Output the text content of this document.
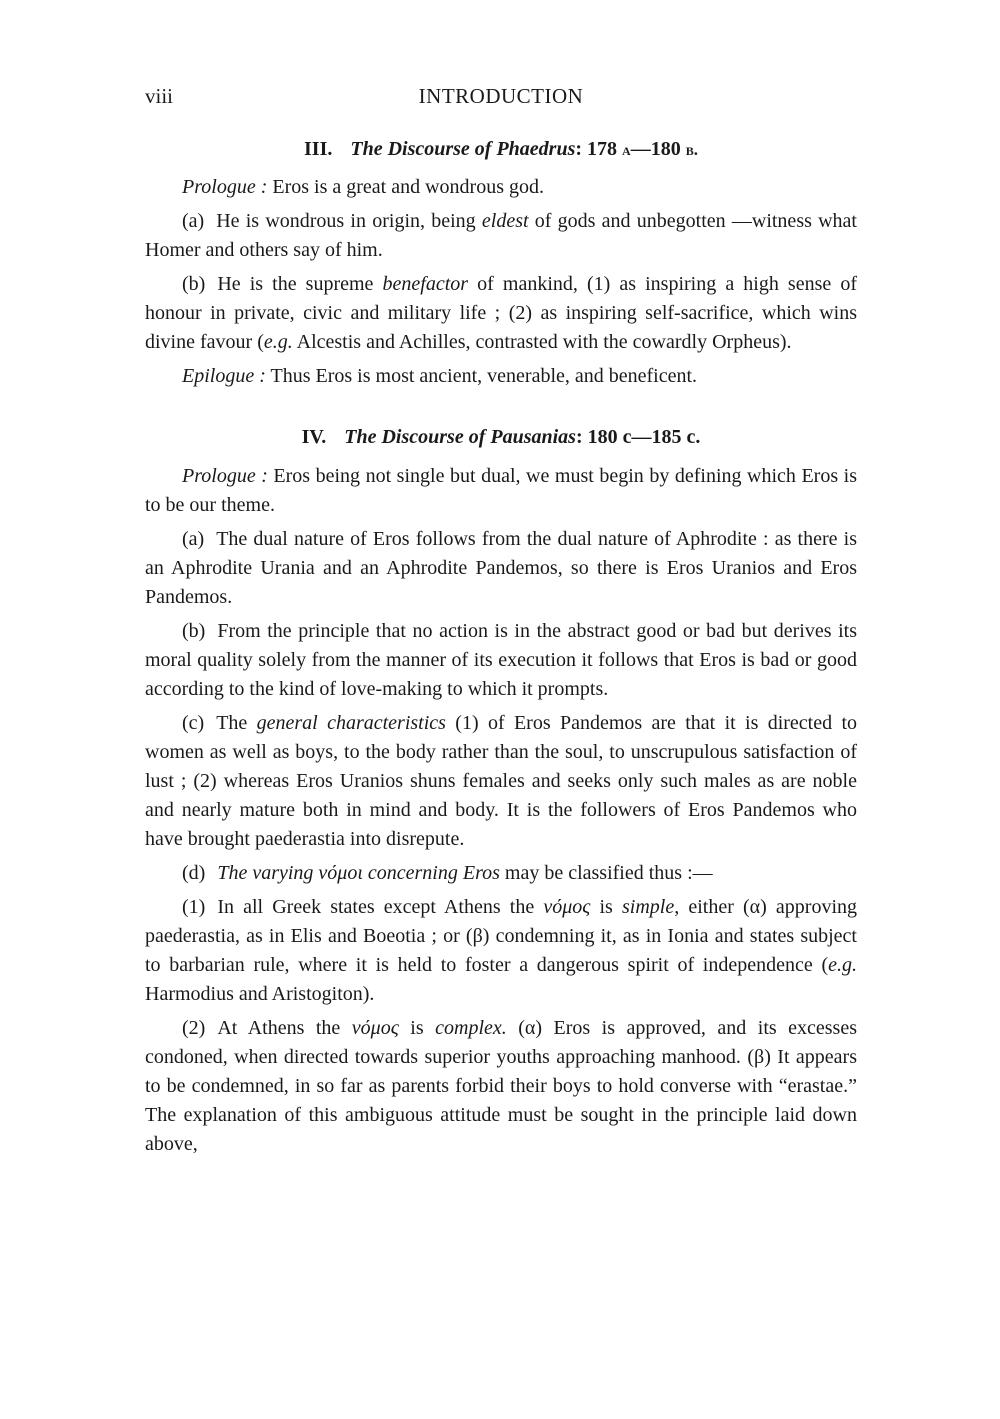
viii	INTRODUCTION
III. The Discourse of Phaedrus: 178 a—180 b.

Prologue : Eros is a great and wondrous god.

(a) He is wondrous in origin, being eldest of gods and unbegotten —witness what Homer and others say of him.

(b) He is the supreme benefactor of mankind, (1) as inspiring a high sense of honour in private, civic and military life ; (2) as inspiring self-sacrifice, which wins divine favour (e.g. Alcestis and Achilles, contrasted with the cowardly Orpheus).

Epilogue : Thus Eros is most ancient, venerable, and beneficent.

IV. The Discourse of Pausanias: 180 c—185 c.

Prologue : Eros being not single but dual, we must begin by defining which Eros is to be our theme.

(a) The dual nature of Eros follows from the dual nature of Aphrodite : as there is an Aphrodite Urania and an Aphrodite Pandemos, so there is Eros Uranios and Eros Pandemos.

(b) From the principle that no action is in the abstract good or bad but derives its moral quality solely from the manner of its execution it follows that Eros is bad or good according to the kind of love-making to which it prompts.

(c) The general characteristics (1) of Eros Pandemos are that it is directed to women as well as boys, to the body rather than the soul, to unscrupulous satisfaction of lust ; (2) whereas Eros Uranios shuns females and seeks only such males as are noble and nearly mature both in mind and body. It is the followers of Eros Pandemos who have brought paederastia into disrepute.

(d) The varying νόμοι concerning Eros may be classified thus :—

(1) In all Greek states except Athens the νόμος is simple, either (α) approving paederastia, as in Elis and Boeotia ; or (β) condemning it, as in Ionia and states subject to barbarian rule, where it is held to foster a dangerous spirit of independence (e.g. Harmodius and Aristogiton).

(2) At Athens the νόμος is complex. (α) Eros is approved, and its excesses condoned, when directed towards superior youths approaching manhood. (β) It appears to be condemned, in so far as parents forbid their boys to hold converse with “erastae.” The explanation of this ambiguous attitude must be sought in the principle laid down above,
